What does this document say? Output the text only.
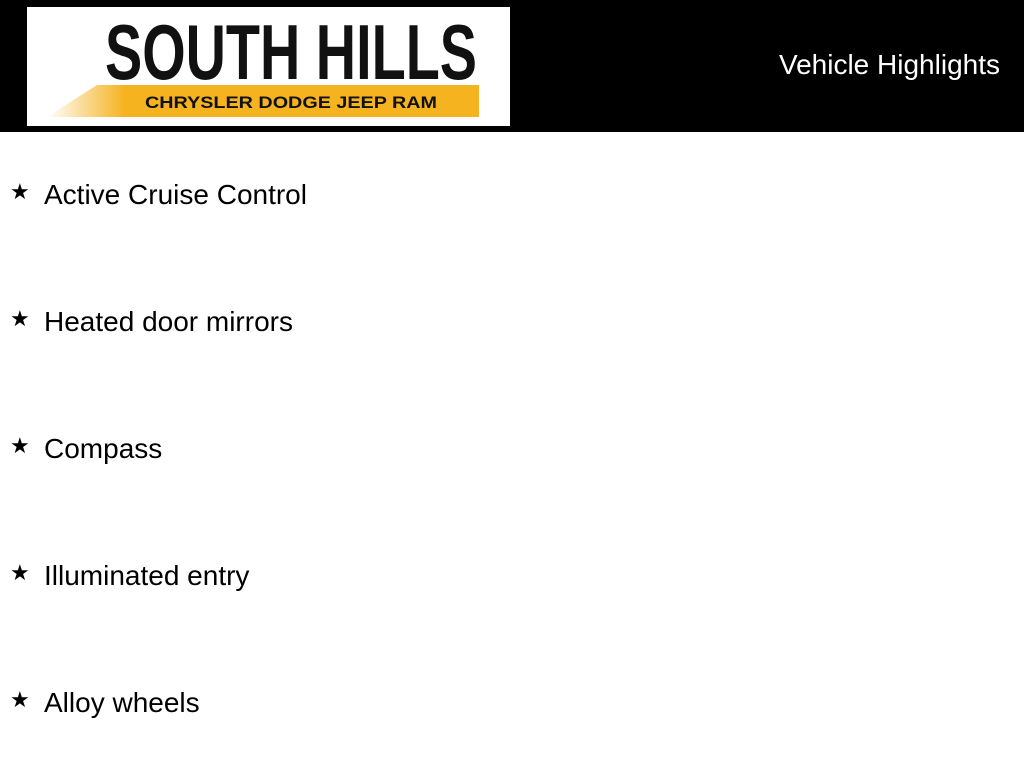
SOUTH HILLS
CHRYSLER DODGE JEEP RAM
Vehicle Highlights
★ Active Cruise Control
★ Heated door mirrors
★ Compass
★ Illuminated entry
★ Alloy wheels
